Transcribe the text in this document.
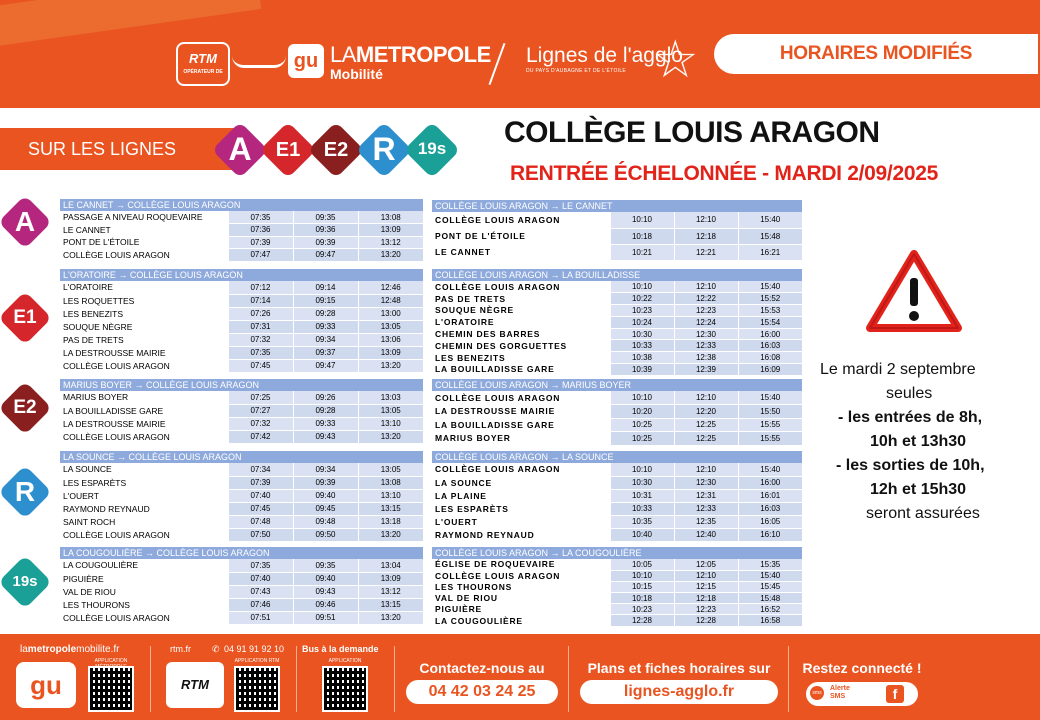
RTM
OPÉRATEUR DE	gu LAMETROPOLE
Mobilité
Lignes de l'agglo
DU PAYS D'AUBAGNE ET DE L'ÉTOILE ☆	HORAIRES MODIFIÉS
SUR LES LIGNES	A	E1	E2 R	19s COLLÈGE LOUIS ARAGON
RENTRÉE ÉCHELONNÉE - MARDI 2/09/2025
A
LE CANNET → COLLÈGE LOUIS ARAGON			
PASSAGE A NIVEAU ROQUEVAIRE	07:35	09:35	13:08
LE CANNET	07:36	09:36	13:09
PONT DE L'ÉTOILE	07:39	09:39	13:12
COLLÈGE LOUIS ARAGON	07:47	09:47	13:20
COLLÈGE LOUIS ARAGON → LE CANNET			
COLLÈGE LOUIS ARAGON	10:10	12:10	15:40
PONT DE L'ÉTOILE	10:18	12:18	15:48
LE CANNET	10:21	12:21	16:21
E1
L'ORATOIRE → COLLÈGE LOUIS ARAGON			
L'ORATOIRE	07:12	09:14	12:46
LES ROQUETTES	07:14	09:15	12:48
LES BENEZITS	07:26	09:28	13:00
SOUQUE NÈGRE	07:31	09:33	13:05
PAS DE TRETS	07:32	09:34	13:06
LA DESTROUSSE MAIRIE	07:35	09:37	13:09
COLLÈGE LOUIS ARAGON	07:45	09:47	13:20
COLLÈGE LOUIS ARAGON → LA BOUILLADISSE			
COLLÈGE LOUIS ARAGON	10:10	12:10	15:40
PAS DE TRETS	10:22	12:22	15:52
SOUQUE NÈGRE	10:23	12:23	15:53
L'ORATOIRE	10:24	12:24	15:54
CHEMIN DES BARRES	10:30	12:30	16:00
CHEMIN DES GORGUETTES	10:33	12:33	16:03
LES BENEZITS	10:38	12:38	16:08
LA BOUILLADISSE GARE	10:39	12:39	16:09
E2
MARIUS BOYER → COLLÈGE LOUIS ARAGON			
MARIUS BOYER	07:25	09:26	13:03
LA BOUILLADISSE GARE	07:27	09:28	13:05
LA DESTROUSSE MAIRIE	07:32	09:33	13:10
COLLÈGE LOUIS ARAGON	07:42	09:43	13:20
COLLÈGE LOUIS ARAGON → MARIUS BOYER			
COLLÈGE LOUIS ARAGON	10:10	12:10	15:40
LA DESTROUSSE MAIRIE	10:20	12:20	15:50
LA BOUILLADISSE GARE	10:25	12:25	15:55
MARIUS BOYER	10:25	12:25	15:55
R
LA SOUNCE → COLLÈGE LOUIS ARAGON			
LA SOUNCE	07:34	09:34	13:05
LES ESPARÈTS	07:39	09:39	13:08
L'OUERT	07:40	09:40	13:10
RAYMOND REYNAUD	07:45	09:45	13:15
SAINT ROCH	07:48	09:48	13:18
COLLÈGE LOUIS ARAGON	07:50	09:50	13:20
COLLÈGE LOUIS ARAGON → LA SOUNCE			
COLLÈGE LOUIS ARAGON	10:10	12:10	15:40
LA SOUNCE	10:30	12:30	16:00
LA PLAINE	10:31	12:31	16:01
LES ESPARÈTS	10:33	12:33	16:03
L'OUERT	10:35	12:35	16:05
RAYMOND REYNAUD	10:40	12:40	16:10
19s
LA COUGOULIÈRE → COLLÈGE LOUIS ARAGON			
LA COUGOULIÈRE	07:35	09:35	13:04
PIGUIÈRE	07:40	09:40	13:09
VAL DE RIOU	07:43	09:43	13:12
LES THOURONS	07:46	09:46	13:15
COLLÈGE LOUIS ARAGON	07:51	09:51	13:20
COLLÈGE LOUIS ARAGON → LA COUGOULIÈRE			
ÉGLISE DE ROQUEVAIRE	10:05	12:05	15:35
COLLÈGE LOUIS ARAGON	10:10	12:10	15:40
LES THOURONS	10:15	12:15	15:45
VAL DE RIOU	10:18	12:18	15:48
PIGUIÈRE	10:23	12:23	16:52
LA COUGOULIÈRE	12:28	12:28	16:58
Le mardi 2 septembre
seules
- les entrées de 8h,
10h et 13h30
- les sorties de 10h,
12h et 15h30
seront assurées
lametropolemobilite.fr
gu
APPLICATION
rtm.fr ✆ 04 91 91 92 10
RTM
APPLICATION RTM
Bus à la demande
APPLICATION	Contactez-nous au
04 42 03 24 25
Plans et fiches horaires sur
lignes-agglo.fr
Restez connecté !
sms
Alerte
SMS	f
